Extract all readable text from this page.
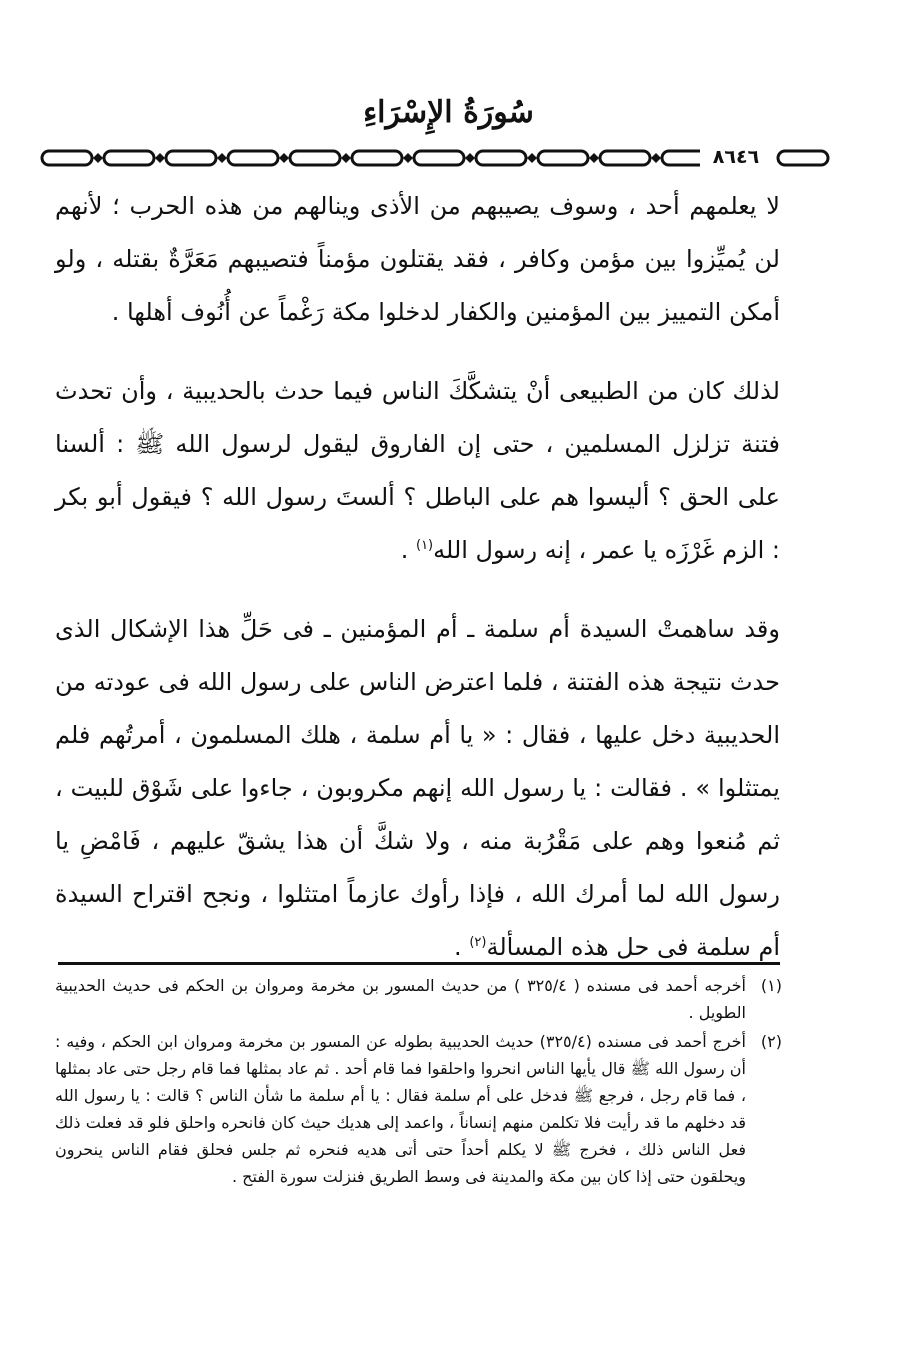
سُورَةُ الإِسْرَاءِ
٨٦٤٦

لا يعلمهم أحد ، وسوف يصيبهم من الأذى وينالهم من هذه الحرب ؛ لأنهم لن يُميِّزوا بين مؤمن وكافر ، فقد يقتلون مؤمناً فتصيبهم مَعَرَّةٌ بقتله ، ولو أمكن التمييز بين المؤمنين والكفار لدخلوا مكة رَغْماً عن أُنُوف أهلها .

لذلك كان من الطبيعى أنْ يتشكَّكَ الناس فيما حدث بالحديبية ، وأن تحدث فتنة تزلزل المسلمين ، حتى إن الفاروق ليقول لرسول الله ﷺ : ألسنا على الحق ؟ أليسوا هم على الباطل ؟ ألستَ رسول الله ؟ فيقول أبو بكر : الزم غَرْزَه يا عمر ، إنه رسول الله$^{(١)}$ .

وقد ساهمتْ السيدة أم سلمة ـ أم المؤمنين ـ فى حَلِّ هذا الإشكال الذى حدث نتيجة هذه الفتنة ، فلما اعترض الناس على رسول الله فى عودته من الحديبية دخل عليها ، فقال : « يا أم سلمة ، هلك المسلمون ، أمرتُهم فلم يمتثلوا » . فقالت : يا رسول الله إنهم مكروبون ، جاءوا على شَوْق للبيت ، ثم مُنعوا وهم على مَقْرُبة منه ، ولا شكَّ أن هذا يشقّ عليهم ، فَامْضِ يا رسول الله لما أمرك الله ، فإذا رأوك عازماً امتثلوا ، ونجح اقتراح السيدة أم سلمة فى حل هذه المسألة$^{(٢)}$ .

(١)
أخرجه أحمد فى مسنده ( ٣٢٥/٤ ) من حديث المسور بن مخرمة ومروان بن الحكم فى حديث الحديبية الطويل .
(٢)
أخرج أحمد فى مسنده (٣٢٥/٤) حديث الحديبية بطوله عن المسور بن مخرمة ومروان ابن الحكم ، وفيه : أن رسول الله ﷺ قال يأيها الناس انحروا واحلقوا فما قام أحد . ثم عاد بمثلها فما قام رجل حتى عاد بمثلها ، فما قام رجل ، فرجع ﷺ فدخل على أم سلمة فقال : يا أم سلمة ما شأن الناس ؟ قالت : يا رسول الله قد دخلهم ما قد رأيت فلا تكلمن منهم إنساناً ، واعمد إلى هديك حيث كان فانحره واحلق فلو قد فعلت ذلك فعل الناس ذلك ، فخرج ﷺ لا يكلم أحداً حتى أتى هديه فنحره ثم جلس فحلق فقام الناس ينحرون ويحلقون حتى إذا كان بين مكة والمدينة فى وسط الطريق فنزلت سورة الفتح .
